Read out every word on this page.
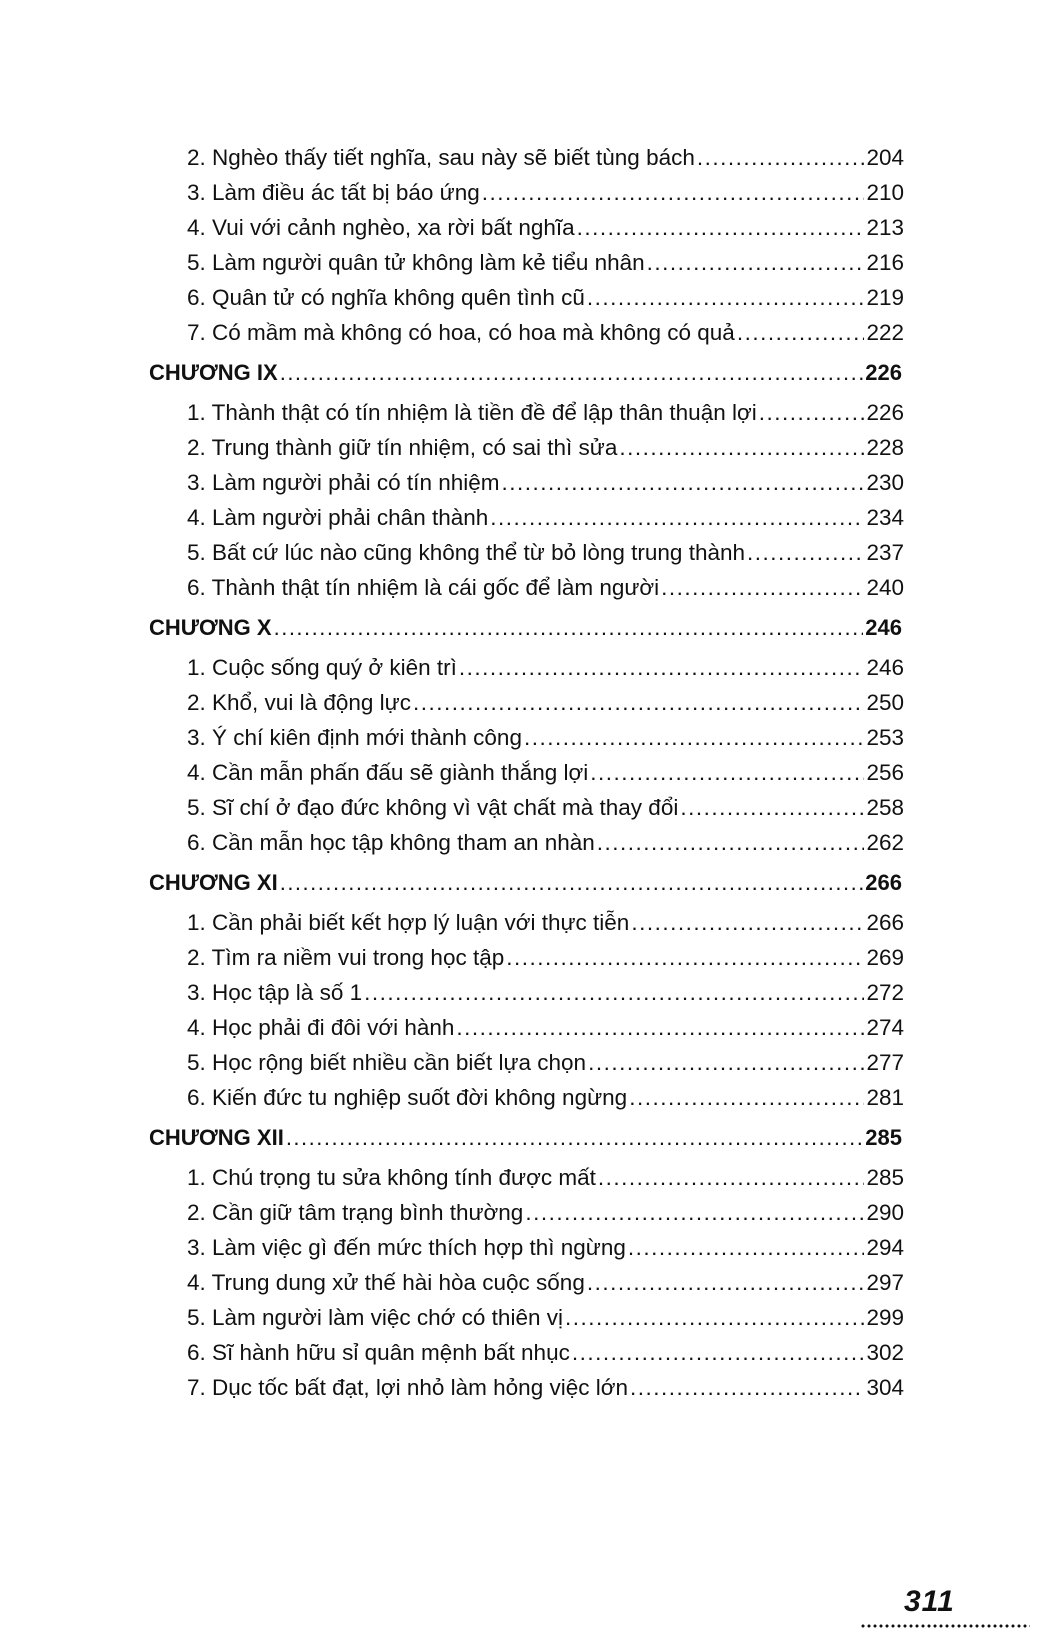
2. Nghèo thấy tiết nghĩa, sau này sẽ biết tùng bách .....	204
3. Làm điều ác tất bị báo ứng .....	210
4. Vui với cảnh nghèo, xa rời bất nghĩa .....	213
5. Làm người quân tử không làm kẻ tiểu nhân .....	216
6. Quân tử có nghĩa không quên tình cũ .....	219
7. Có mầm mà không có hoa, có hoa mà không có quả .....	222
CHƯƠNG IX .....	226
1. Thành thật có tín nhiệm là tiền đề để lập thân thuận lợi .....	226
2. Trung thành giữ tín nhiệm, có sai thì sửa .....	228
3. Làm người phải có tín nhiệm .....	230
4. Làm người phải chân thành .....	234
5. Bất cứ lúc nào cũng không thể từ bỏ lòng trung thành .....	237
6. Thành thật tín nhiệm là cái gốc để làm người .....	240
CHƯƠNG X .....	246
1. Cuộc sống quý ở kiên trì .....	246
2. Khổ, vui là động lực .....	250
3. Ý chí kiên định mới thành công .....	253
4. Cần mẫn phấn đấu sẽ giành thắng lợi .....	256
5. Sĩ chí ở đạo đức không vì vật chất mà thay đổi .....	258
6. Cần mẫn học tập không tham an nhàn .....	262
CHƯƠNG XI .....	266
1. Cần phải biết kết hợp lý luận với thực tiễn .....	266
2. Tìm ra niềm vui trong học tập .....	269
3. Học tập là số 1 .....	272
4. Học phải đi đôi với hành .....	274
5. Học rộng biết nhiều cần biết lựa chọn .....	277
6. Kiến đức tu nghiệp suốt đời không ngừng .....	281
CHƯƠNG XII .....	285
1. Chú trọng tu sửa không tính được mất .....	285
2. Cần giữ tâm trạng bình thường .....	290
3. Làm việc gì đến mức thích hợp thì ngừng .....	294
4. Trung dung xử thế hài hòa cuộc sống .....	297
5. Làm người làm việc chớ có thiên vị .....	299
6. Sĩ hành hữu sỉ quân mệnh bất nhục .....	302
7. Dục tốc bất đạt, lợi nhỏ làm hỏng việc lớn .....	304
311
